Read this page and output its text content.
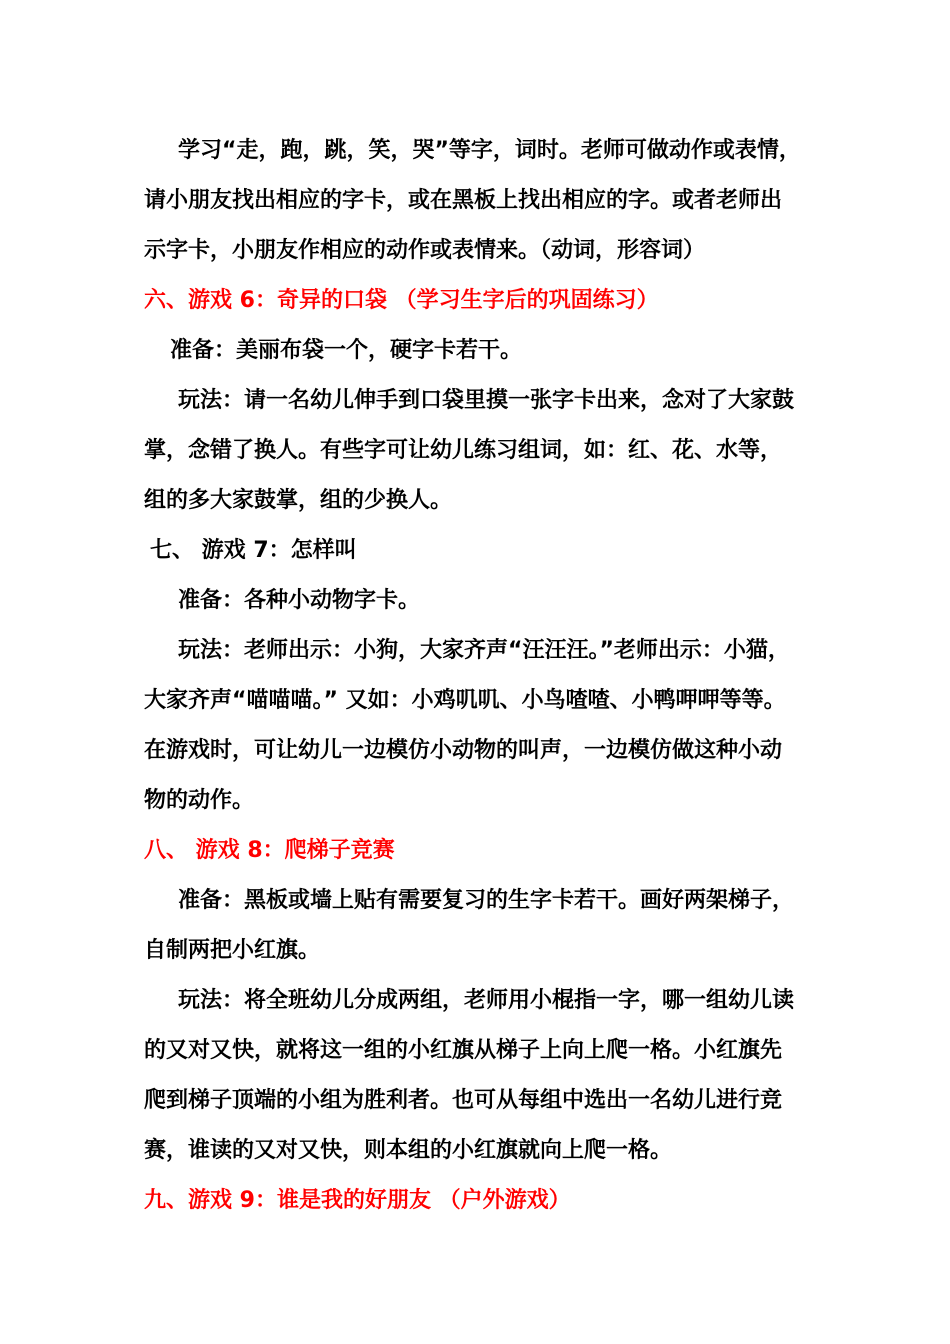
学习“走，跑，跳，笑，哭”等字，词时。老师可做动作或表情，
请小朋友找出相应的字卡，或在黑板上找出相应的字。或者老师出
示字卡，小朋友作相应的动作或表情来。（动词，形容词）
六、游戏 6：奇异的口袋 （学习生字后的巩固练习）
准备：美丽布袋一个，硬字卡若干。
玩法：请一名幼儿伸手到口袋里摸一张字卡出来，念对了大家鼓
掌，念错了换人。有些字可让幼儿练习组词，如：红、花、水等，
组的多大家鼓掌，组的少换人。
七、 游戏 7：怎样叫
准备：各种小动物字卡。
玩法：老师出示：小狗，大家齐声“汪汪汪。”老师出示：小猫，
大家齐声“喵喵喵。” 又如：小鸡叽叽、小鸟喳喳、小鸭呷呷等等。
在游戏时，可让幼儿一边模仿小动物的叫声，一边模仿做这种小动
物的动作。
八、 游戏 8：爬梯子竞赛
准备：黑板或墙上贴有需要复习的生字卡若干。画好两架梯子，
自制两把小红旗。
玩法：将全班幼儿分成两组，老师用小棍指一字，哪一组幼儿读
的又对又快，就将这一组的小红旗从梯子上向上爬一格。小红旗先
爬到梯子顶端的小组为胜利者。也可从每组中选出一名幼儿进行竞
赛，谁读的又对又快，则本组的小红旗就向上爬一格。
九、游戏 9：谁是我的好朋友 （户外游戏）
